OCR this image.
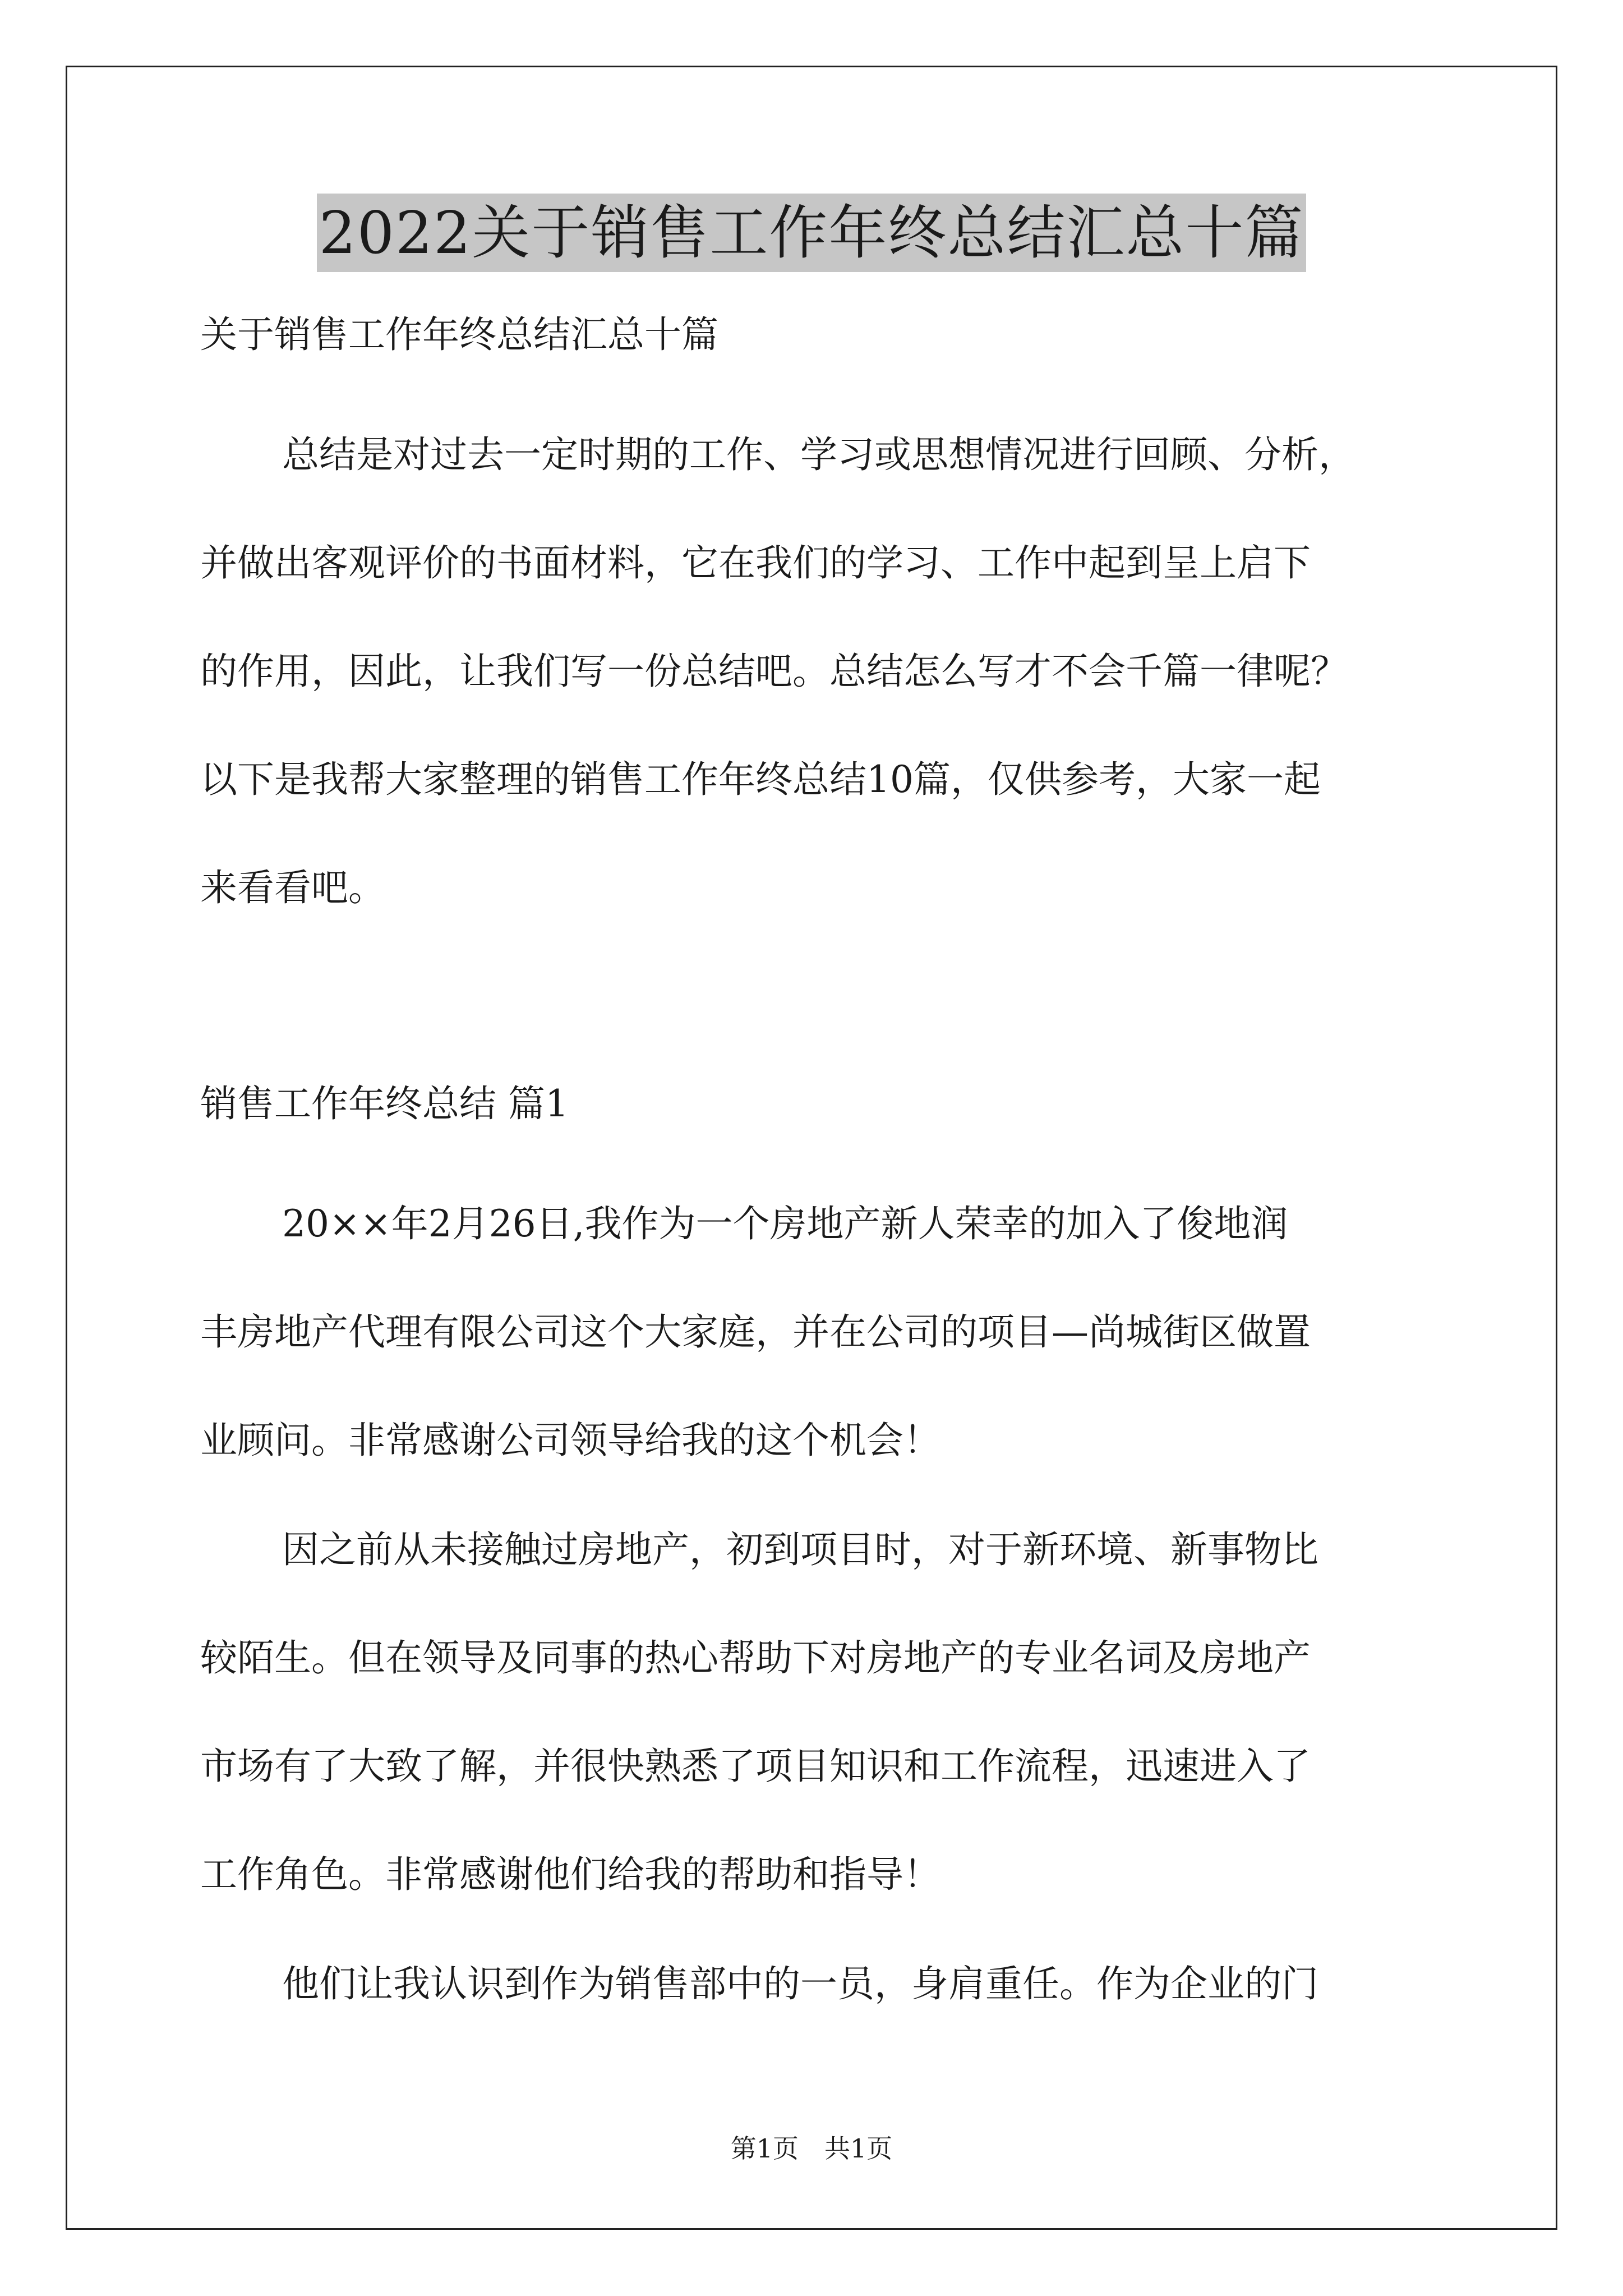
2022关于销售工作年终总结汇总十篇

关于销售工作年终总结汇总十篇

总结是对过去一定时期的工作、学习或思想情况进行回顾、分析，

并做出客观评价的书面材料，它在我们的学习、工作中起到呈上启下

的作用，因此，让我们写一份总结吧。总结怎么写才不会千篇一律呢？

以下是我帮大家整理的销售工作年终总结10篇，仅供参考，大家一起

来看看吧。

销售工作年终总结 篇1

20××年2月26日,我作为一个房地产新人荣幸的加入了俊地润

丰房地产代理有限公司这个大家庭，并在公司的项目—尚城街区做置

业顾问。非常感谢公司领导给我的这个机会！

因之前从未接触过房地产，初到项目时，对于新环境、新事物比

较陌生。但在领导及同事的热心帮助下对房地产的专业名词及房地产

市场有了大致了解，并很快熟悉了项目知识和工作流程，迅速进入了

工作角色。非常感谢他们给我的帮助和指导！

他们让我认识到作为销售部中的一员，身肩重任。作为企业的门

第1页　共1页
